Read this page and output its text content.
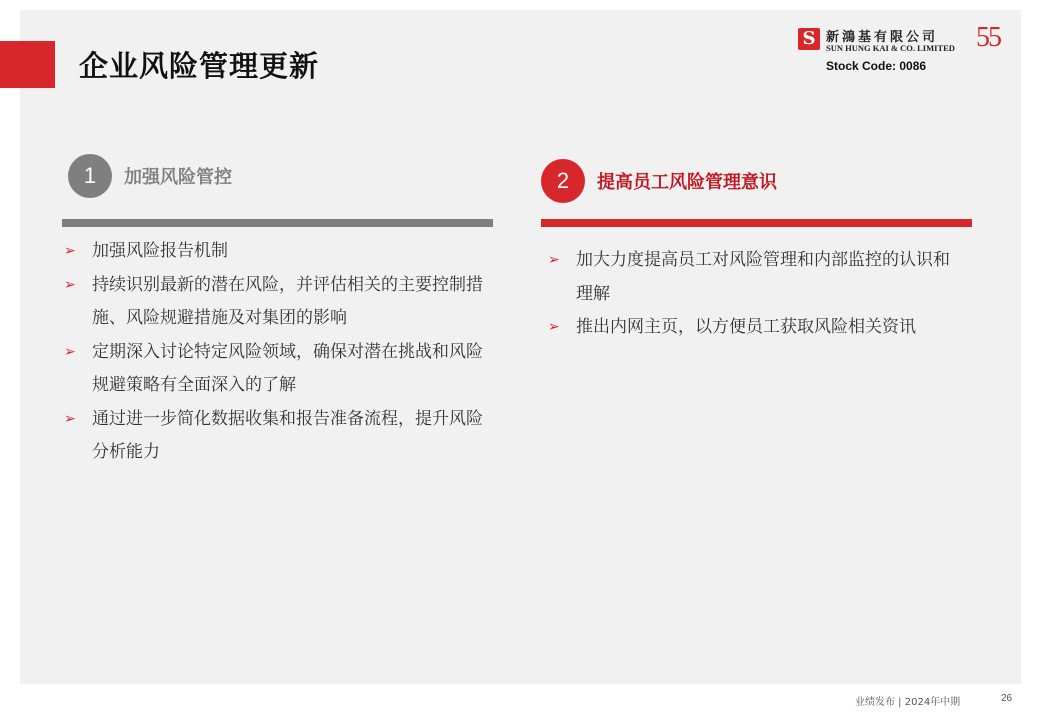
企业风险管理更新
S 新鴻基有限公司
SUN HUNG KAI & CO. LIMITED 55
Stock Code: 0086
1	加强风险管控
➢ 加强风险报告机制
➢ 持续识别最新的潜在风险，并评估相关的主要控制措施、风险规避措施及对集团的影响
➢ 定期深入讨论特定风险领域，确保对潜在挑战和风险规避策略有全面深入的了解
➢ 通过进一步简化数据收集和报告准备流程，提升风险分析能力
2	提高员工风险管理意识
➢ 加大力度提高员工对风险管理和内部监控的认识和理解
➢ 推出内网主页，以方便员工获取风险相关资讯
业绩发布 | 2024年中期	26
